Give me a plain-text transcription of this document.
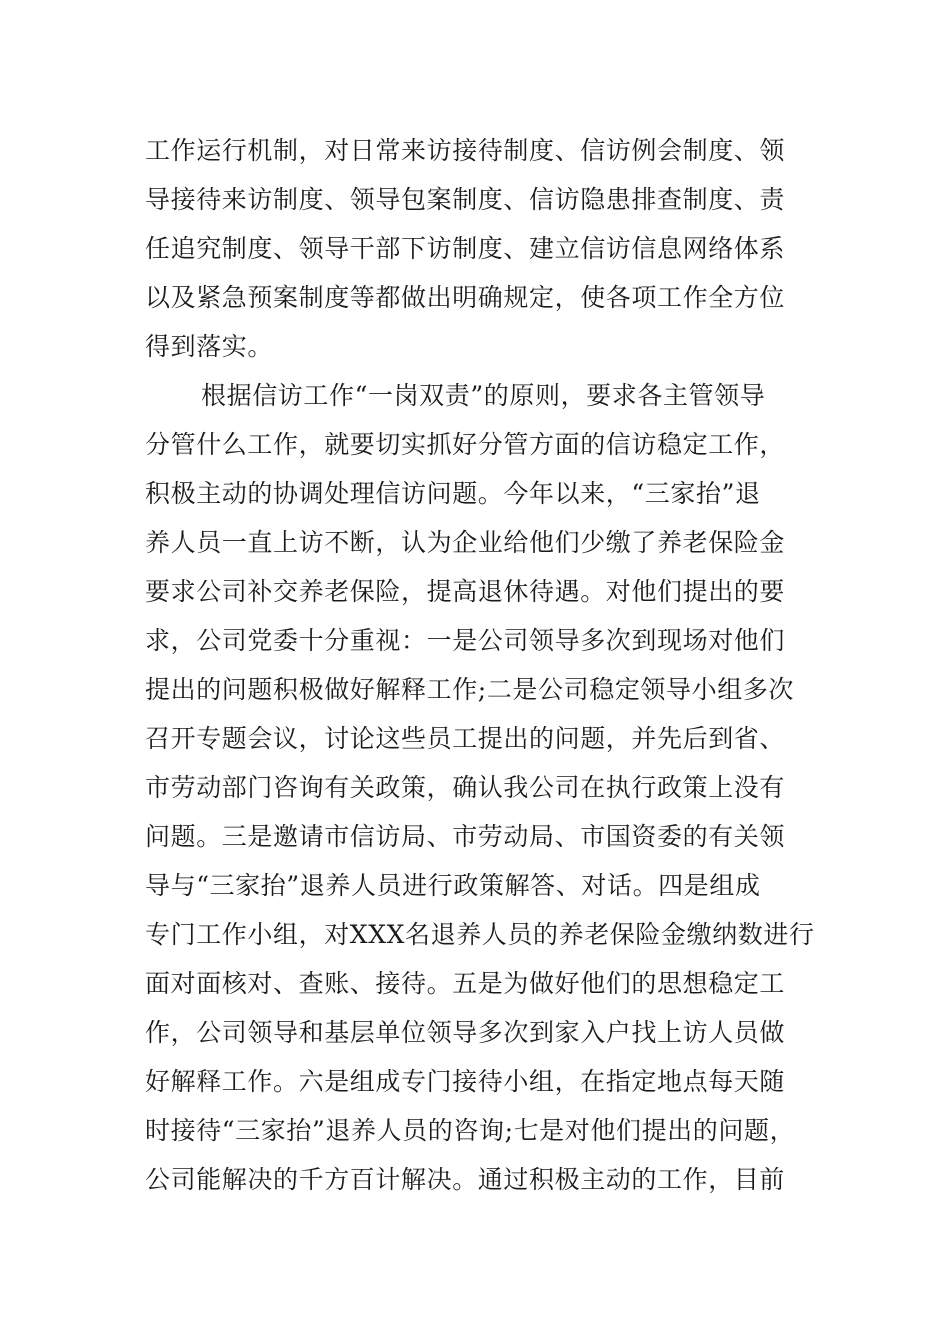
工作运行机制，对日常来访接待制度、信访例会制度、领
导接待来访制度、领导包案制度、信访隐患排查制度、责
任追究制度、领导干部下访制度、建立信访信息网络体系
以及紧急预案制度等都做出明确规定，使各项工作全方位
得到落实。
根据信访工作“一岗双责”的原则，要求各主管领导
分管什么工作，就要切实抓好分管方面的信访稳定工作，
积极主动的协调处理信访问题。今年以来，“三家抬”退
养人员一直上访不断，认为企业给他们少缴了养老保险金
要求公司补交养老保险，提高退休待遇。对他们提出的要
求，公司党委十分重视：一是公司领导多次到现场对他们
提出的问题积极做好解释工作;二是公司稳定领导小组多次
召开专题会议，讨论这些员工提出的问题，并先后到省、
市劳动部门咨询有关政策，确认我公司在执行政策上没有
问题。三是邀请市信访局、市劳动局、市国资委的有关领
导与“三家抬”退养人员进行政策解答、对话。四是组成
专门工作小组，对XXX名退养人员的养老保险金缴纳数进行
面对面核对、查账、接待。五是为做好他们的思想稳定工
作，公司领导和基层单位领导多次到家入户找上访人员做
好解释工作。六是组成专门接待小组，在指定地点每天随
时接待“三家抬”退养人员的咨询;七是对他们提出的问题，
公司能解决的千方百计解决。通过积极主动的工作，目前
